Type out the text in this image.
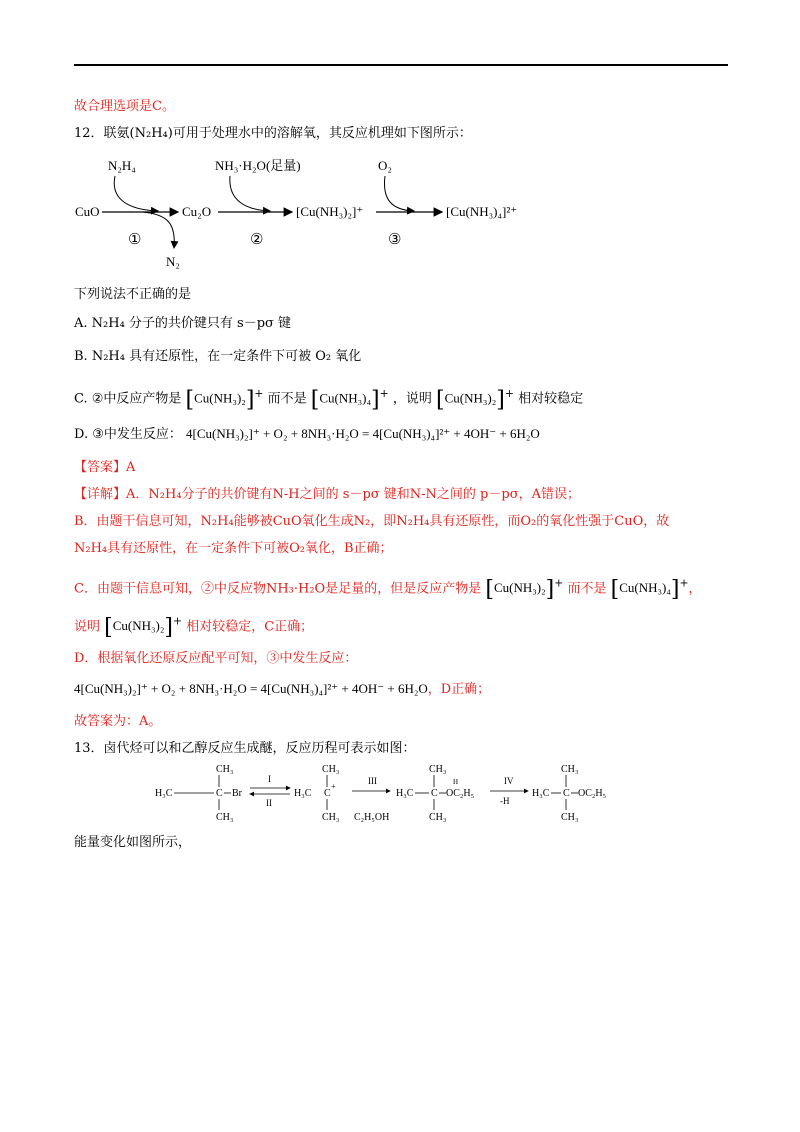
故合理选项是C。
12．联氨(N₂H₄)可用于处理水中的溶解氧，其反应机理如下图所示：
N₂H₄	NH₃·H₂O(足量)	O₂
CuO
N₂
①
Cu₂O
②
[Cu(NH₃)₂]⁺
③
[Cu(NH₃)₄]²⁺
下列说法不正确的是
A. N₂H₄ 分子的共价键只有 s－pσ 键
B. N₂H₄ 具有还原性，在一定条件下可被 O₂ 氧化
C. ②中反应产物是 [Cu(NH₃)₂]+ 而不是 [Cu(NH₃)₄]+ ，说明 [Cu(NH₃)₂]+ 相对较稳定
D. ③中发生反应： 4[Cu(NH₃)₂]⁺ + O₂ + 8NH₃·H₂O = 4[Cu(NH₃)₄]²⁺ + 4OH⁻ + 6H₂O
【答案】A
【详解】A．N₂H₄分子的共价键有N-H之间的 s－pσ 键和N-N之间的 p－pσ，A错误；
B．由题干信息可知，N₂H₄能够被CuO氧化生成N₂，即N₂H₄具有还原性，而O₂的氧化性强于CuO，故
N₂H₄具有还原性，在一定条件下可被O₂氧化，B正确；
C．由题干信息可知，②中反应物NH₃·H₂O是足量的，但是反应产物是 [Cu(NH₃)₂]+ 而不是 [Cu(NH₃)₄]+，
说明 [Cu(NH₃)₂]+ 相对较稳定，C正确；
D．根据氧化还原反应配平可知，③中发生反应：
4[Cu(NH₃)₂]⁺ + O₂ + 8NH₃·H₂O = 4[Cu(NH₃)₄]²⁺ + 4OH⁻ + 6H₂O，D正确；
故答案为：A。
13．卤代烃可以和乙醇反应生成醚，反应历程可表示如图：
CH₃
H₃C	C Br
CH₃
I
II
CH₃
H₃C C
+
CH₃
III
C₂H₅OH
CH₃
H₃C C
H
OC₂H₅
CH₃
IV
-H
CH₃
H₃C C OC₂H₅
CH₃
能量变化如图所示，
